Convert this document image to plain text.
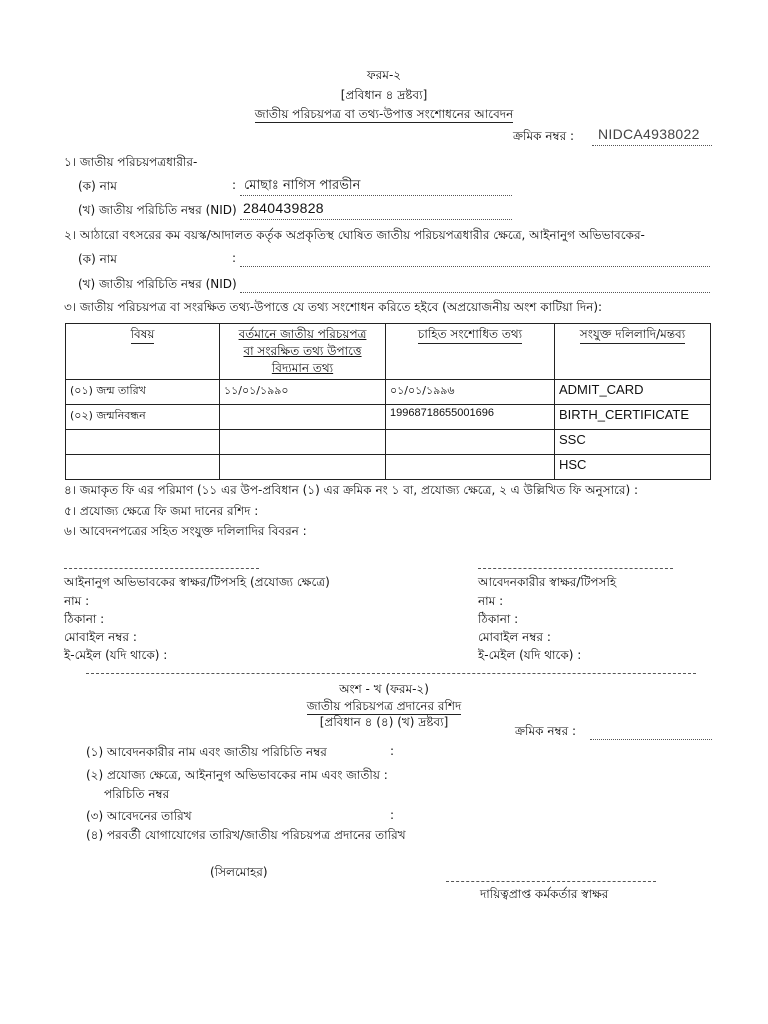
ফরম-২
[প্রবিধান ৪ দ্রষ্টব্য]
জাতীয় পরিচয়পত্র বা তথ্য-উপাত্ত সংশোধনের আবেদন
ক্রমিক নম্বর : NIDCA4938022
১। জাতীয় পরিচয়পত্রধারীর-
(ক) নাম	: মোছাঃ নাগিস পারভীন
(খ) জাতীয় পরিচিতি নম্বর (NID) 2840439828
২। আঠারো বৎসরের কম বয়স্ক/আদালত কর্তৃক অপ্রকৃতিস্থ ঘোষিত জাতীয় পরিচয়পত্রধারীর ক্ষেত্রে, আইনানুগ অভিভাবকের-
(ক) নাম	:
(খ) জাতীয় পরিচিতি নম্বর (NID)
৩। জাতীয় পরিচয়পত্র বা সংরক্ষিত তথ্য-উপাত্তে যে তথ্য সংশোধন করিতে হইবে (অপ্রয়োজনীয় অংশ কাটিয়া দিন):
বিষয়	বর্তমানে জাতীয় পরিচয়পত্র বা সংরক্ষিত তথ্য উপাত্তে বিদ্যমান তথ্য	চাহিত সংশোধিত তথ্য	সংযুক্ত দলিলাদি/মন্তব্য
(০১) জন্ম তারিখ	১১/০১/১৯৯০	০১/০১/১৯৯৬	ADMIT_CARD
(০২) জন্মনিবন্ধন		19968718655001696	BIRTH_CERTIFICATE
			SSC
			HSC
৪। জমাকৃত ফি এর পরিমাণ (১১ এর উপ-প্রবিধান (১) এর ক্রমিক নং ১ বা, প্রযোজ্য ক্ষেত্রে, ২ এ উল্লিখিত ফি অনুসারে) :
৫। প্রযোজ্য ক্ষেত্রে ফি জমা দানের রশিদ :
৬। আবেদনপত্রের সহিত সংযুক্ত দলিলাদির বিবরন :
আইনানুগ অভিভাবকের স্বাক্ষর/টিপসহি (প্রযোজ্য ক্ষেত্রে)
নাম :
ঠিকানা :
মোবাইল নম্বর :
ই-মেইল (যদি থাকে) :
আবেদনকারীর স্বাক্ষর/টিপসহি
নাম :
ঠিকানা :
মোবাইল নম্বর :
ই-মেইল (যদি থাকে) :
অংশ - খ (ফরম-২)
জাতীয় পরিচয়পত্র প্রদানের রশিদ
[প্রবিধান ৪ (৪) (খ) দ্রষ্টব্য]
ক্রমিক নম্বর :
(১) আবেদনকারীর নাম এবং জাতীয় পরিচিতি নম্বর	:
(২) প্রযোজ্য ক্ষেত্রে, আইনানুগ অভিভাবকের নাম এবং জাতীয় :
পরিচিতি নম্বর
(৩) আবেদনের তারিখ	:
(৪) পরবর্তী যোগাযোগের তারিখ/জাতীয় পরিচয়পত্র প্রদানের তারিখ
(সিলমোহর)
দায়িত্বপ্রাপ্ত কর্মকর্তার স্বাক্ষর
